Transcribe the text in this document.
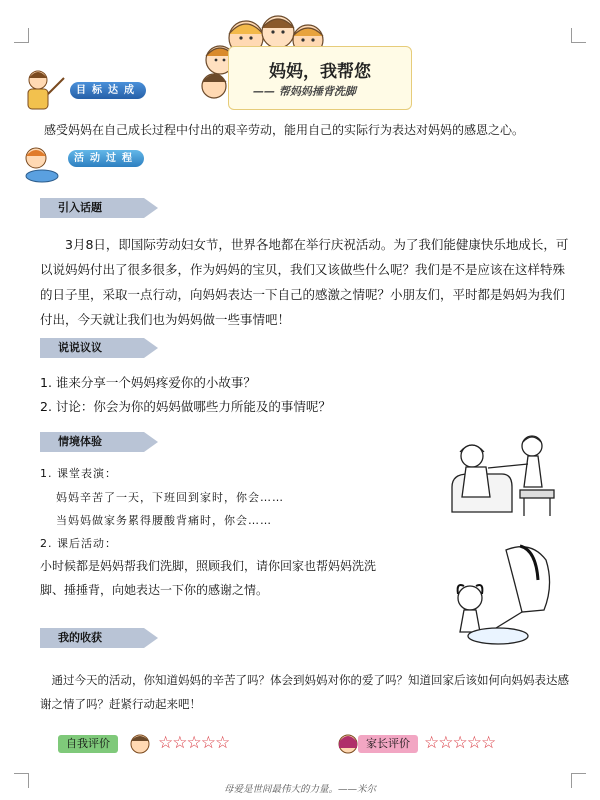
妈妈，我帮您
—— 帮妈妈捶背洗脚
目标达成
感受妈妈在自己成长过程中付出的艰辛劳动，能用自己的实际行为表达对妈妈的感恩之心。
活动过程
引入话题
3月8日，即国际劳动妇女节，世界各地都在举行庆祝活动。为了我们能健康快乐地成长，可以说妈妈付出了很多很多，作为妈妈的宝贝，我们又该做些什么呢？我们是不是应该在这样特殊的日子里，采取一点行动，向妈妈表达一下自己的感激之情呢？小朋友们，平时都是妈妈为我们付出，今天就让我们也为妈妈做一些事情吧！
说说议议
1. 谁来分享一个妈妈疼爱你的小故事？
2. 讨论：你会为你的妈妈做哪些力所能及的事情呢？
情境体验
1. 课堂表演：
妈妈辛苦了一天，下班回到家时，你会……
当妈妈做家务累得腰酸背痛时，你会……
2. 课后活动：
小时候都是妈妈帮我们洗脚，照顾我们，请你回家也帮妈妈洗洗
脚、捶捶背，向她表达一下你的感谢之情。
我的收获
通过今天的活动，你知道妈妈的辛苦了吗？体会到妈妈对你的爱了吗？知道回家后该如何向妈妈表达感谢之情了吗？赶紧行动起来吧！
自我评价	☆☆☆☆☆	家长评价 ☆☆☆☆☆
母爱是世间最伟大的力量。——米尔
